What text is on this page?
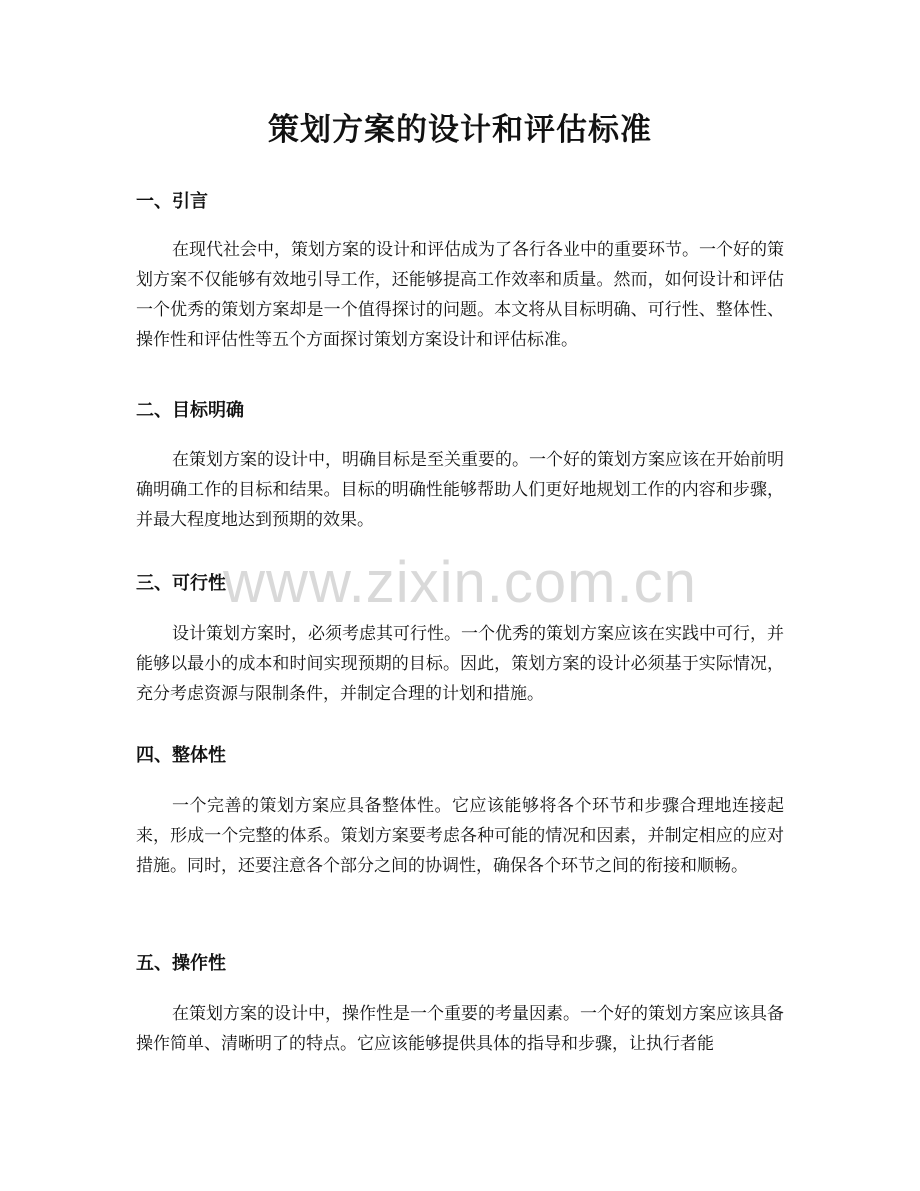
策划方案的设计和评估标准
一、引言

在现代社会中，策划方案的设计和评估成为了各行各业中的重要环节。一个好的策划方案不仅能够有效地引导工作，还能够提高工作效率和质量。然而，如何设计和评估一个优秀的策划方案却是一个值得探讨的问题。本文将从目标明确、可行性、整体性、操作性和评估性等五个方面探讨策划方案设计和评估标准。

二、目标明确

在策划方案的设计中，明确目标是至关重要的。一个好的策划方案应该在开始前明确明确工作的目标和结果。目标的明确性能够帮助人们更好地规划工作的内容和步骤，并最大程度地达到预期的效果。

三、可行性

设计策划方案时，必须考虑其可行性。一个优秀的策划方案应该在实践中可行，并能够以最小的成本和时间实现预期的目标。因此，策划方案的设计必须基于实际情况，充分考虑资源与限制条件，并制定合理的计划和措施。

四、整体性

一个完善的策划方案应具备整体性。它应该能够将各个环节和步骤合理地连接起来，形成一个完整的体系。策划方案要考虑各种可能的情况和因素，并制定相应的应对措施。同时，还要注意各个部分之间的协调性，确保各个环节之间的衔接和顺畅。

五、操作性

在策划方案的设计中，操作性是一个重要的考量因素。一个好的策划方案应该具备操作简单、清晰明了的特点。它应该能够提供具体的指导和步骤，让执行者能

www.zixin.com.cn
